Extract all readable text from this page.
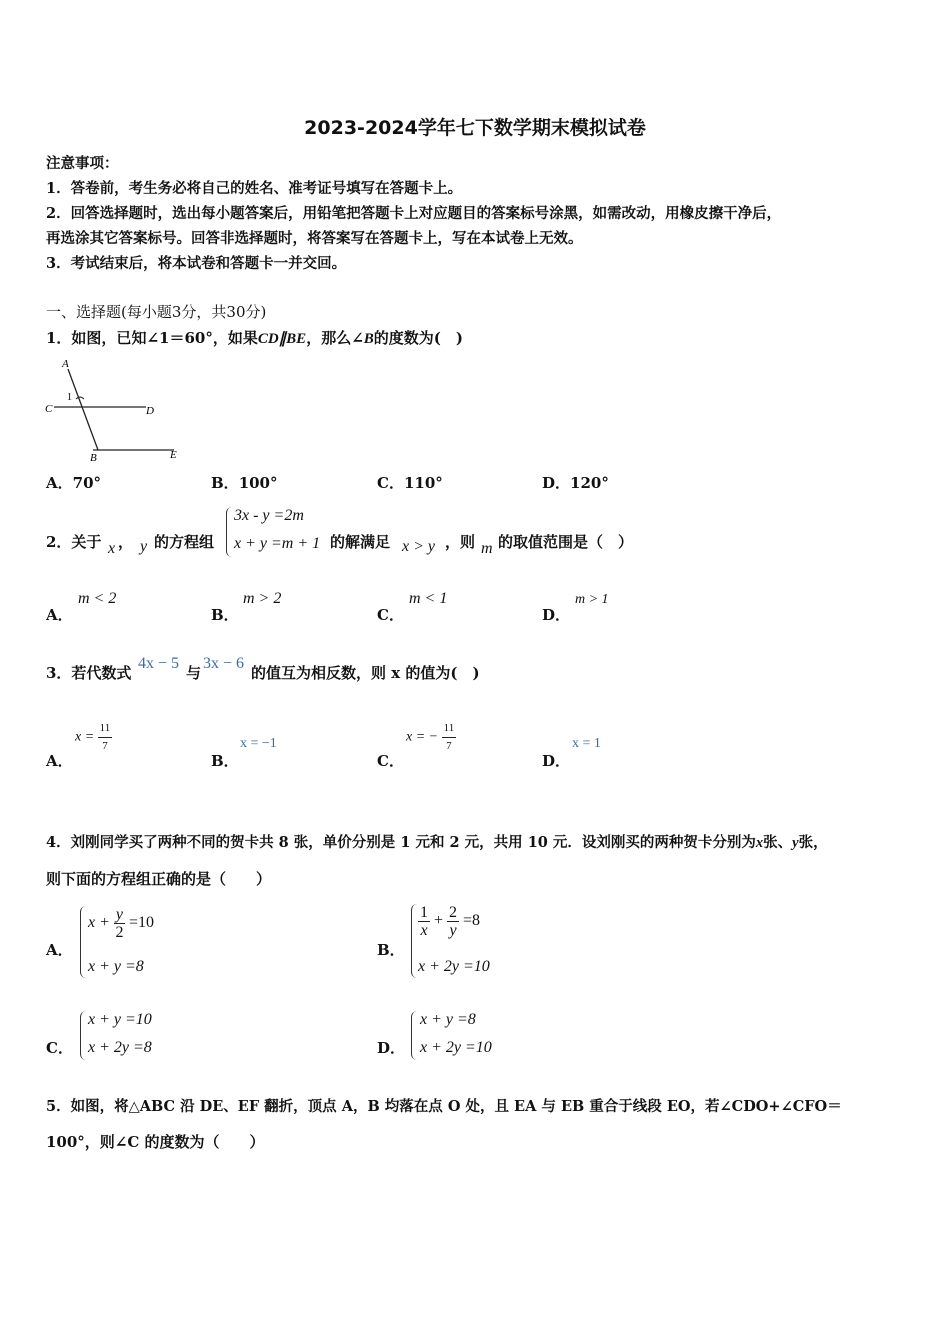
2023-2024学年七下数学期末模拟试卷
注意事项：
1．答卷前，考生务必将自己的姓名、准考证号填写在答题卡上。
2．回答选择题时，选出每小题答案后，用铅笔把答题卡上对应题目的答案标号涂黑，如需改动，用橡皮擦干净后，
再选涂其它答案标号。回答非选择题时，将答案写在答题卡上，写在本试卷上无效。
3．考试结束后，将本试卷和答题卡一并交回。
一、选择题(每小题3分，共30分)
1．如图，已知∠1＝60°，如果CD∥BE，那么∠B的度数为(　)
A
1
C	D
B	E
A．70°	B．100°	C．110°	D．120°
2．关于 x ， y 的方程组
3x - y =2m
x + y =m + 1 的解满足 x > y ，则 m 的取值范围是（　）
A．
m < 2
B．
m > 2
C．
m < 1
D．
m > 1
3．若代数式
4x − 5
与
3x − 6
的值互为相反数，则 x 的值为(　)
A．
$x = \frac{11}{7}$
B．
x = −1
C．
x = − $\frac{11}{7}$
D．
x = 1
4．刘刚同学买了两种不同的贺卡共 8 张，单价分别是 1 元和 2 元，共用 10 元．设刘刚买的两种贺卡分别为x张、y张，
则下面的方程组正确的是（　　）
A．
$x + \frac{y}{2} =10$
x + y =8
B．
$\frac{1}{x} + \frac{2}{y} =8$
x + 2y =10
C．
x + y =10
x + 2y =8	D．
x + y =8
x + 2y =10
5．如图，将△ABC 沿 DE、EF 翻折，顶点 A，B 均落在点 O 处，且 EA 与 EB 重合于线段 EO，若∠CDO+∠CFO＝
100°，则∠C 的度数为（　　）
